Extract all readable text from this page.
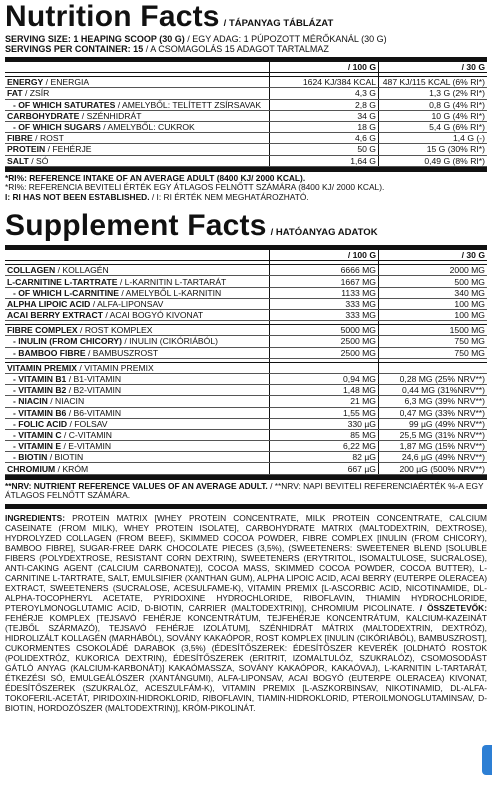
Nutrition Facts / TÁPANYAG TÁBLÁZAT
SERVING SIZE: 1 HEAPING SCOOP (30 G) / EGY ADAG: 1 PÚPOZOTT MÉRŐKANÁL (30 G)
SERVINGS PER CONTAINER: 15 / A CSOMAGOLÁS 15 ADAGOT TARTALMAZ
	/ 100 G	/ 30 G

ENERGY / ENERGIA	1624 KJ/384 KCAL	487 KJ/115 KCAL (6% RI*)
FAT / ZSÍR	4,3 G	1,3 G (2% RI*)
- OF WHICH SATURATES / AMELYBŐL: TELÍTETT ZSÍRSAVAK	2,8 G	0,8 G (4% RI*)
CARBOHYDRATE / SZÉNHIDRÁT	34 G	10 G (4% RI*)
- OF WHICH SUGARS / AMELYBŐL: CUKROK	18 G	5,4 G (6% RI*)
FIBRE / ROST	4,6 G	1,4 G (-)
PROTEIN / FEHÉRJE	50 G	15 G (30% RI*)
SALT / SÓ	1,64 G	0,49 G (8% RI*)
*RI%: REFERENCE INTAKE OF AN AVERAGE ADULT (8400 KJ/ 2000 KCAL).
*RI%: REFERENCIA BEVITELI ÉRTÉK EGY ÁTLAGOS FELNŐTT SZÁMÁRA (8400 KJ/ 2000 KCAL).
I: RI HAS NOT BEEN ESTABLISHED. / I: RI ÉRTÉK NEM MEGHATÁROZHATÓ.
Supplement Facts / HATÓANYAG ADATOK
	/ 100 G	/ 30 G

COLLAGEN / KOLLAGÉN	6666 MG	2000 MG
L-CARNITINE L-TARTRATE / L-KARNITIN L-TARTARÁT	1667 MG	500 MG
- OF WHICH L-CARNITINE / AMELYBŐL L-KARNITIN	1133 MG	340 MG
ALPHA LIPOIC ACID / ALFA-LIPONSAV	333 MG	100 MG
ACAI BERRY EXTRACT / ACAI BOGYÓ KIVONAT	333 MG	100 MG

FIBRE COMPLEX / ROST KOMPLEX	5000 MG	1500 MG
- INULIN (FROM CHICORY) / INULIN (CIKÓRIÁBÓL)	2500 MG	750 MG
- BAMBOO FIBRE / BAMBUSZROST	2500 MG	750 MG

VITAMIN PREMIX / VITAMIN PREMIX		
- VITAMIN B1 / B1-VITAMIN	0,94 MG	0,28 MG (25% NRV**)
- VITAMIN B2 / B2-VITAMIN	1,48 MG	0,44 MG (31%NRV**)
- NIACIN / NIACIN	21 MG	6,3 MG (39% NRV**)
- VITAMIN B6 / B6-VITAMIN	1,55 MG	0,47 MG (33% NRV**)
- FOLIC ACID / FOLSAV	330 µG	99 µG (49% NRV**)
- VITAMIN C / C-VITAMIN	85 MG	25,5 MG (31% NRV**)
- VITAMIN E / E-VITAMIN	6,22 MG	1,87 MG (15% NRV**)
- BIOTIN / BIOTIN	82 µG	24,6 µG (49% NRV**)
CHROMIUM / KRÓM	667 µG	200 µG (500% NRV**)
**NRV: NUTRIENT REFERENCE VALUES OF AN AVERAGE ADULT. / **NRV: NAPI BEVITELI REFERENCIAÉRTÉK %-A EGY ÁTLAGOS FELNŐTT SZÁMÁRA.
INGREDIENTS: PROTEIN MATRIX [WHEY PROTEIN CONCENTRATE, MILK PROTEIN CONCENTRATE, CALCIUM CASEINATE (FROM MILK), WHEY PROTEIN ISOLATE], CARBOHYDRATE MATRIX (MALTODEXTRIN, DEXTROSE), HYDROLYZED COLLAGEN (FROM BEEF), SKIMMED COCOA POWDER, FIBRE COMPLEX [INULIN (FROM CHICORY), BAMBOO FIBRE], SUGAR-FREE DARK CHOCOLATE PIECES (3,5%), (SWEETENERS: SWEETENER BLEND [SOLUBLE FIBERS (POLYDEXTROSE, RESISTANT CORN DEXTRIN), SWEETENERS (ERYTRITOL, ISOMALTULOSE, SUCRALOSE), ANTI-CAKING AGENT (CALCIUM CARBONATE)], COCOA MASS, SKIMMED COCOA POWDER, COCOA BUTTER), L-CARNITINE L-TARTRATE, SALT, EMULSIFIER (XANTHAN GUM), ALPHA LIPOIC ACID, ACAI BERRY (EUTERPE OLERACEA) EXTRACT, SWEETENERS (SUCRALOSE, ACESULFAME-K), VITAMIN PREMIX [L-ASCORBIC ACID, NICOTINAMIDE, DL-ALPHA-TOCOPHERYL ACETATE, PYRIDOXINE HYDROCHLORIDE, RIBOFLAVIN, THIAMIN HYDROCHLORIDE, PTEROYLMONOGLUTAMIC ACID, D-BIOTIN, CARRIER (MALTODEXTRIN)], CHROMIUM PICOLINATE. / ÖSSZETEVŐK: FEHÉRJE KOMPLEX [TEJSAVÓ FEHÉRJE KONCENTRÁTUM, TEJFEHÉRJE KONCENTRÁTUM, KALCIUM-KAZEINÁT (TEJBŐL SZÁRMAZÓ), TEJSAVÓ FEHÉRJE IZOLÁTUM], SZÉNHIDRÁT MÁTRIX (MALTODEXTRIN, DEXTRÓZ), HIDROLIZÁLT KOLLAGÉN (MARHÁBÓL), SOVÁNY KAKAÓPOR, ROST KOMPLEX [INULIN (CIKÓRIÁBÓL), BAMBUSZROST], CUKORMENTES CSOKOLÁDÉ DARABOK (3,5%) (ÉDESÍTŐSZEREK: ÉDESÍTŐSZER KEVERÉK [OLDHATÓ ROSTOK (POLIDEXTRÓZ, KUKORICA DEXTRIN), ÉDESÍTŐSZEREK (ERITRIT, IZOMALTULÓZ, SZUKRALÓZ), CSOMOSODÁST GÁTLÓ ANYAG (KALCIUM-KARBONÁT)] KAKAÓMASSZA, SOVÁNY KAKAÓPOR, KAKAÓVAJ), L-KARNITIN L-TARTARÁT, ÉTKEZÉSI SÓ, EMULGEÁLÓSZER (XANTÁNGUMI), ALFA-LIPONSAV, ACAI BOGYÓ (EUTERPE OLERACEA) KIVONAT, ÉDESÍTŐSZEREK (SZUKRALÓZ, ACESZULFÁM-K), VITAMIN PREMIX [L-ASZKORBINSAV, NIKOTINAMID, DL-ALFA-TOKOFERIL-ACETÁT, PIRIDOXIN-HIDROKLORID, RIBOFLAVIN, TIAMIN-HIDROKLORID, PTEROILMONOGLUTAMINSAV, D-BIOTIN, HORDOZÓSZER (MALTODEXTRIN)], KRÓM-PIKOLINÁT.
